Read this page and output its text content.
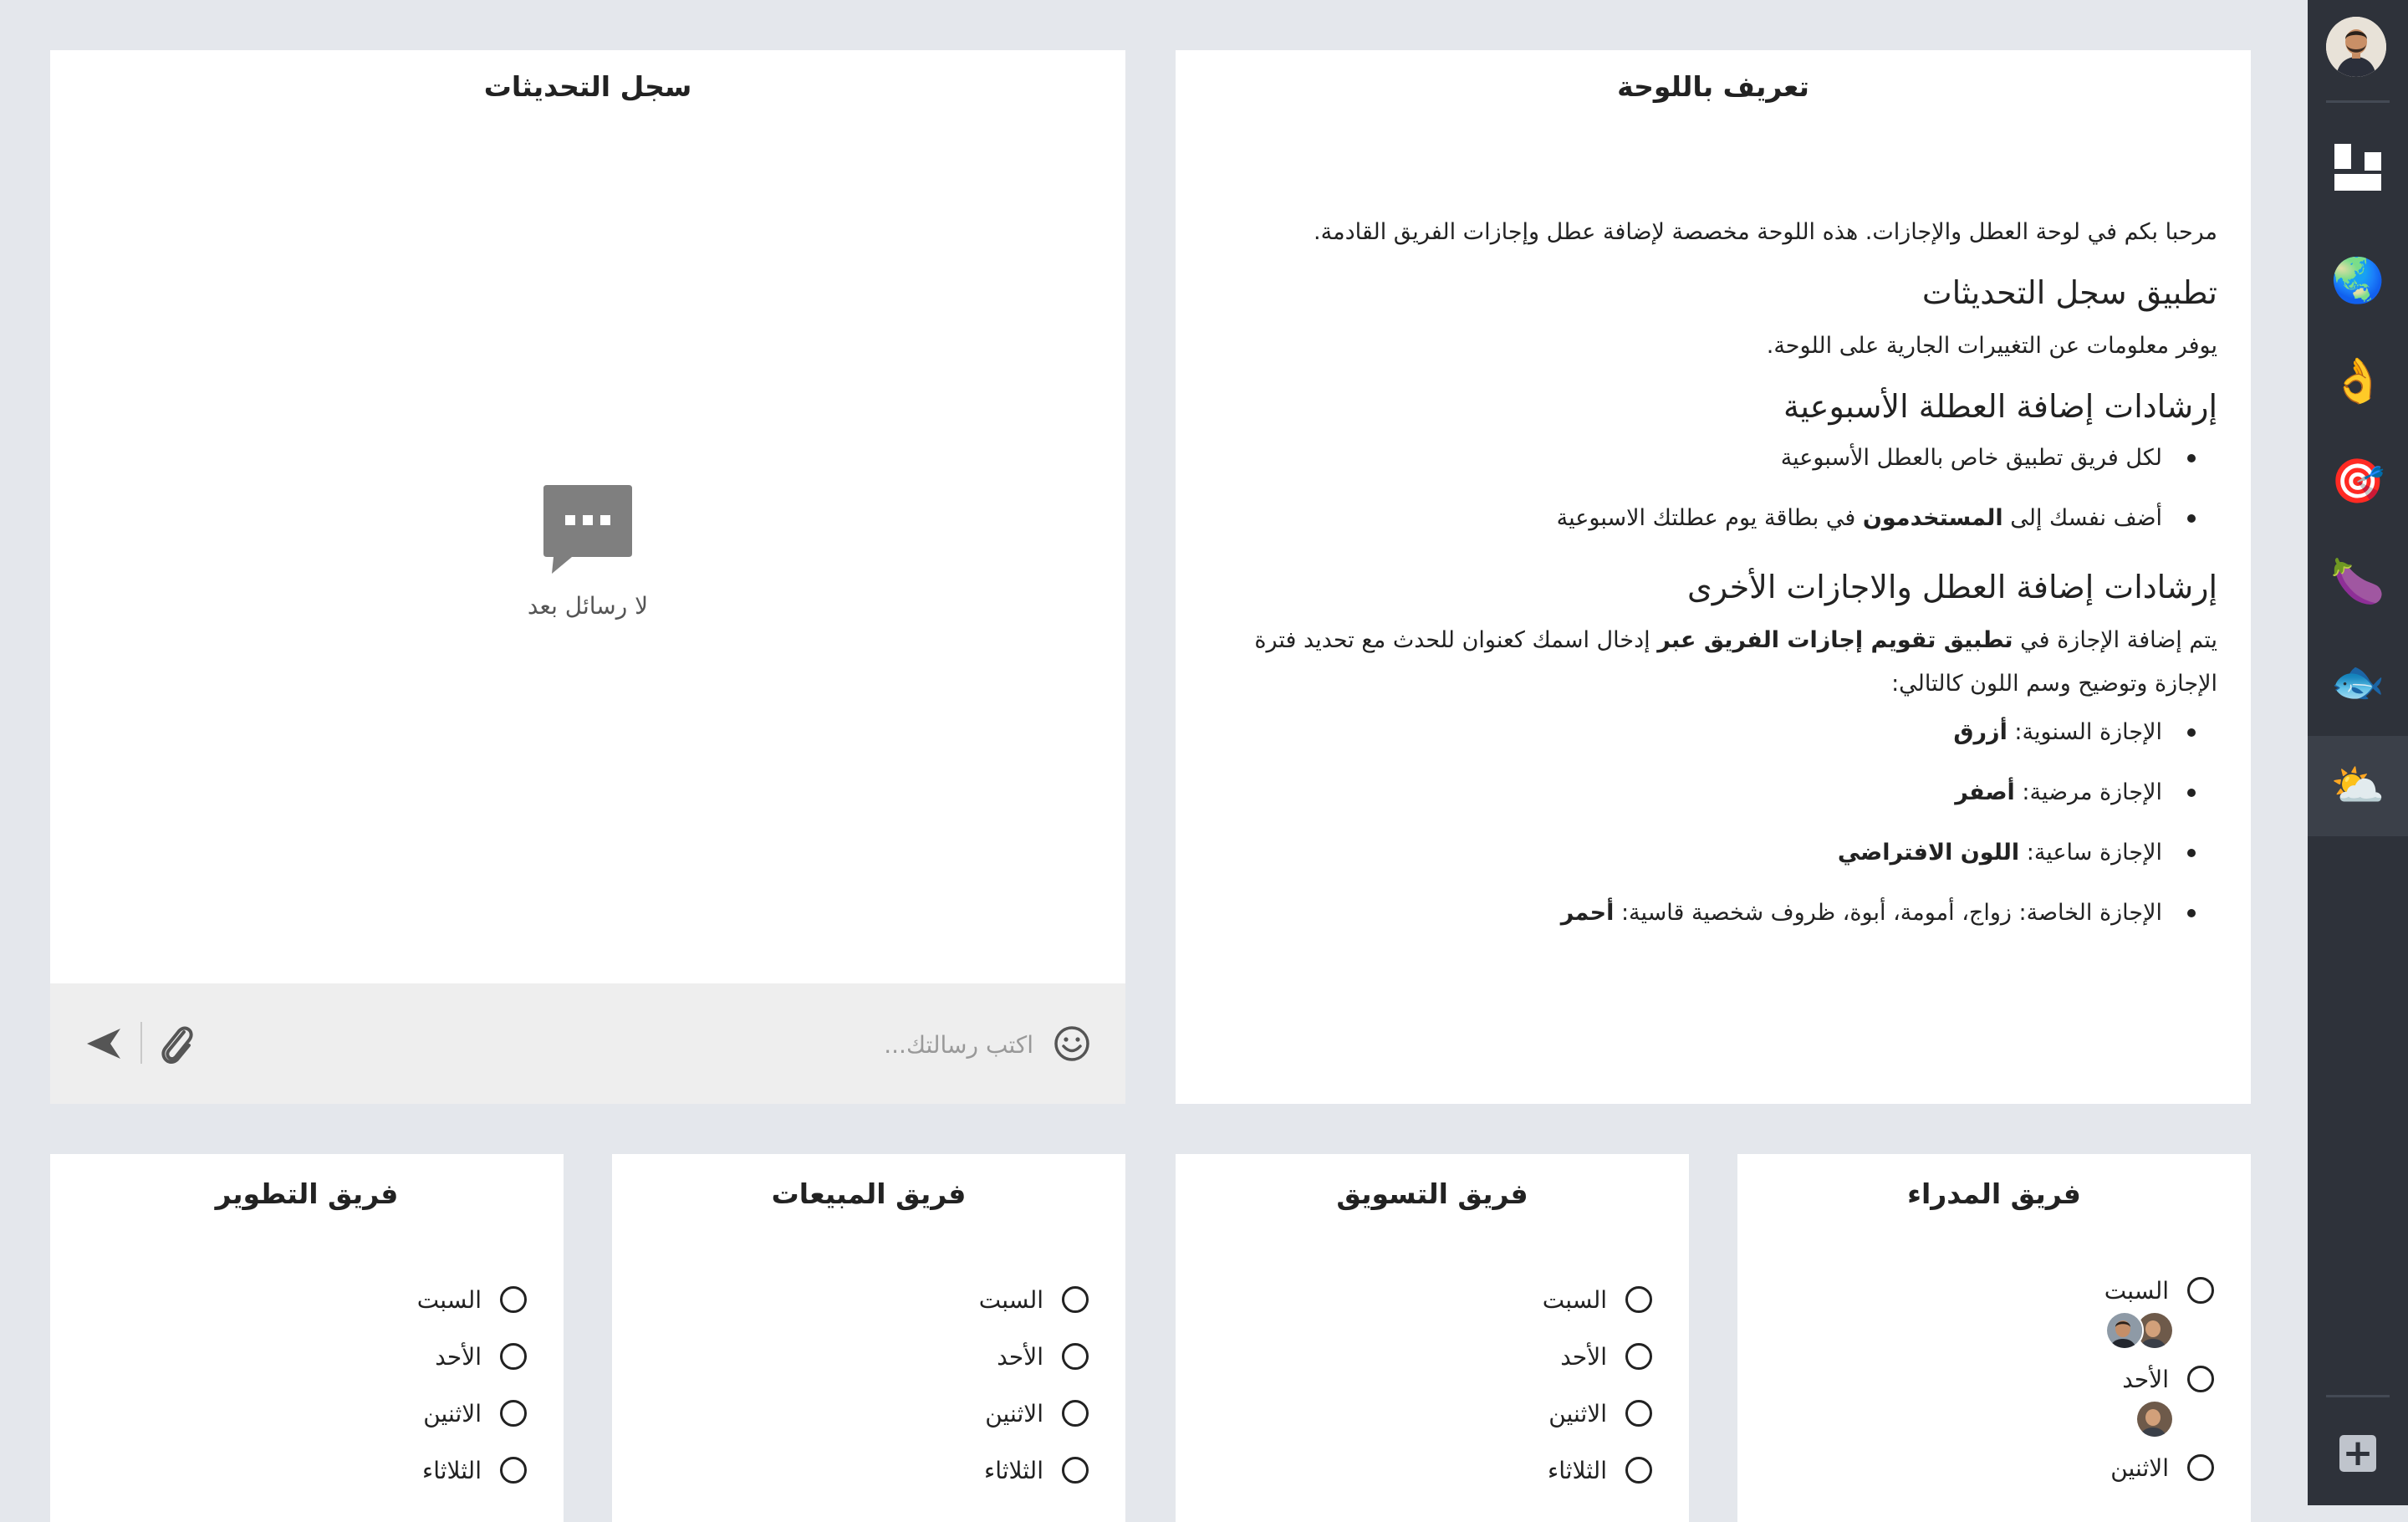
🌏
👌
🎯
🍆
🐟
⛅
+
تعريف باللوحة

مرحبا بكم في لوحة العطل والإجازات. هذه اللوحة مخصصة لإضافة عطل وإجازات الفريق القادمة.

تطبيق سجل التحديثات

يوفر معلومات عن التغييرات الجارية على اللوحة.

إرشادات إضافة العطلة الأسبوعية
لكل فريق تطبيق خاص بالعطل الأسبوعية
أضف نفسك إلى المستخدمون في بطاقة يوم عطلتك الاسبوعية
إرشادات إضافة العطل والاجازات الأخرى

يتم إضافة الإجازة في تطبيق تقويم إجازات الفريق عبر إدخال اسمك كعنوان للحدث مع تحديد فترة الإجازة وتوضيح وسم اللون كالتالي:

الإجازة السنوية: أزرق
الإجازة مرضية: أصفر
الإجازة ساعية: اللون الافتراضي
الإجازة الخاصة: زواج، أمومة، أبوة، ظروف شخصية قاسية: أحمر
سجل التحديثات
لا رسائل بعد
اكتب رسالتك...
فريق المدراء
السبت
الأحد
الاثنين
فريق التسويق
السبت
الأحد
الاثنين
الثلاثاء
فريق المبيعات
السبت
الأحد
الاثنين
الثلاثاء
فريق التطوير
السبت
الأحد
الاثنين
الثلاثاء
